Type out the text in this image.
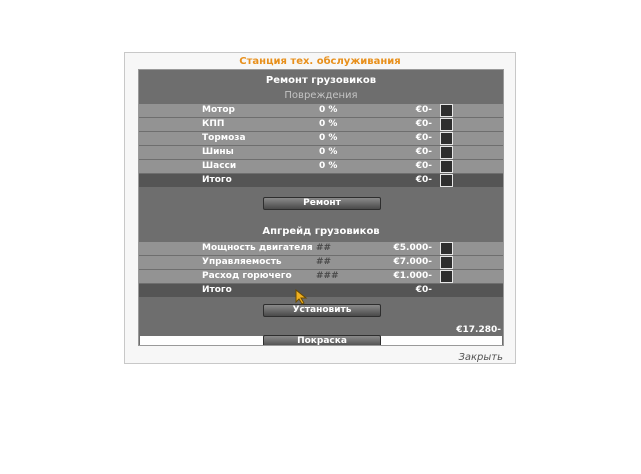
Станция тех. обслуживания
Ремонт грузовиков
Повреждения
Мотор	0 %	€0-
КПП	0 %	€0-
Тормоза	0 %	€0-
Шины	0 %	€0-
Шасси	0 %	€0-
Итого	€0-
Ремонт
Апгрейд грузовиков
Мощность двигателя ##	€5.000-
Управляемость	##	€7.000-
Расход горючего	###	€1.000-
Итого	€0-
Установить
€17.280-
Покраска
Закрыть
